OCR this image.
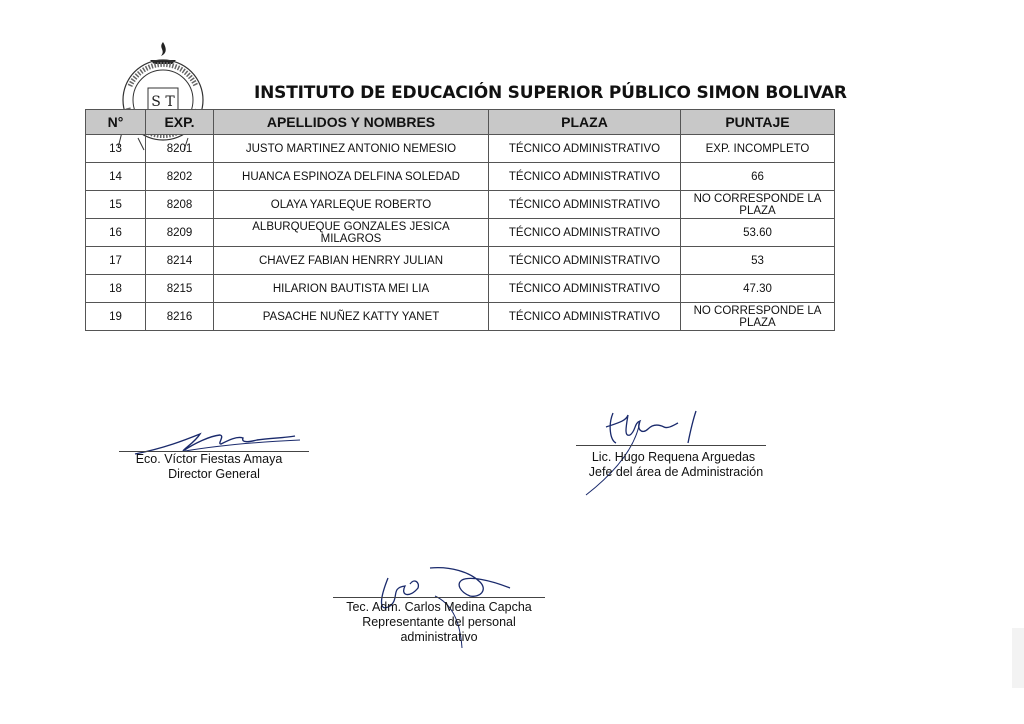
S T	INSTITUTO DE EDUCACIÓN SUPERIOR PÚBLICO SIMON BOLIVAR
N°	EXP.	APELLIDOS Y NOMBRES	PLAZA	PUNTAJE
13	8201	JUSTO MARTINEZ ANTONIO NEMESIO	TÉCNICO ADMINISTRATIVO	EXP. INCOMPLETO
14	8202	HUANCA ESPINOZA DELFINA SOLEDAD	TÉCNICO ADMINISTRATIVO	66
15	8208	OLAYA YARLEQUE ROBERTO	TÉCNICO ADMINISTRATIVO	NO CORRESPONDE LA PLAZA
16	8209	ALBURQUEQUE GONZALES JESICA MILAGROS	TÉCNICO ADMINISTRATIVO	53.60
17	8214	CHAVEZ FABIAN HENRRY JULIAN	TÉCNICO ADMINISTRATIVO	53
18	8215	HILARION BAUTISTA MEI LIA	TÉCNICO ADMINISTRATIVO	47.30
19	8216	PASACHE NUÑEZ KATTY YANET	TÉCNICO ADMINISTRATIVO	NO CORRESPONDE LA PLAZA
Eco. Víctor Fiestas Amaya
Director General
Lic. Hugo Requena Arguedas
Jefe del área de Administración
Tec. Adm. Carlos Medina Capcha
Representante del personal
administrativo
